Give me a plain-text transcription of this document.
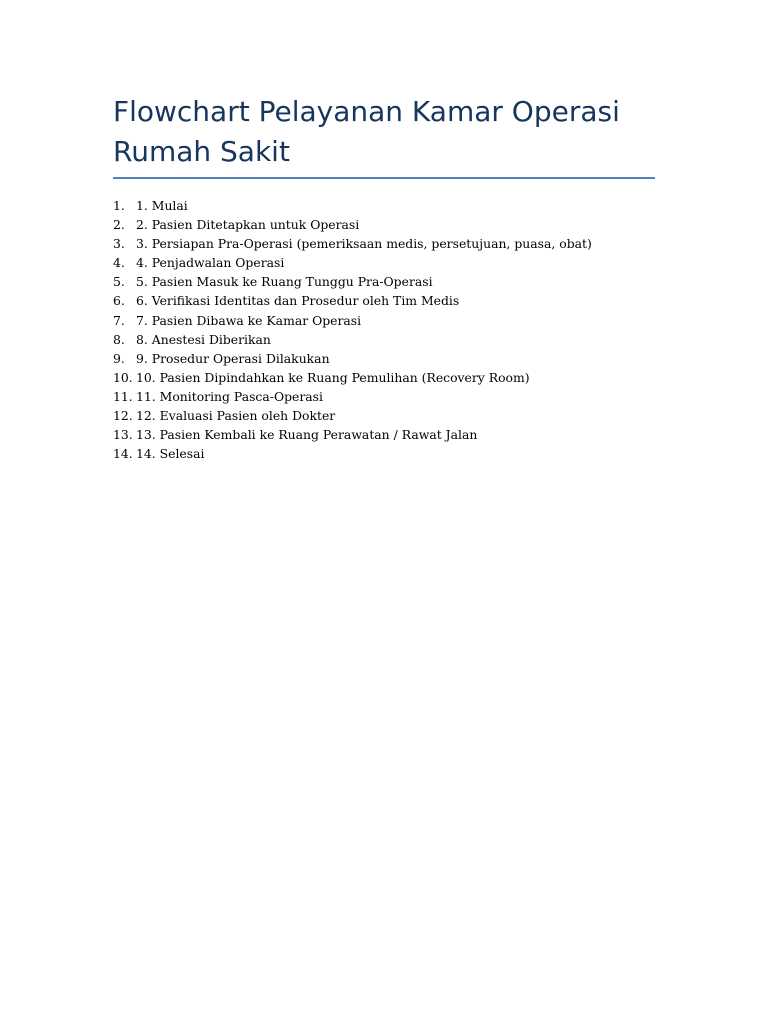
Flowchart Pelayanan Kamar Operasi Rumah Sakit
1. 1. Mulai
2. 2. Pasien Ditetapkan untuk Operasi
3. 3. Persiapan Pra-Operasi (pemeriksaan medis, persetujuan, puasa, obat)
4. 4. Penjadwalan Operasi
5. 5. Pasien Masuk ke Ruang Tunggu Pra-Operasi
6. 6. Verifikasi Identitas dan Prosedur oleh Tim Medis
7. 7. Pasien Dibawa ke Kamar Operasi
8. 8. Anestesi Diberikan
9. 9. Prosedur Operasi Dilakukan
10. 10. Pasien Dipindahkan ke Ruang Pemulihan (Recovery Room)
11. 11. Monitoring Pasca-Operasi
12. 12. Evaluasi Pasien oleh Dokter
13. 13. Pasien Kembali ke Ruang Perawatan / Rawat Jalan
14. 14. Selesai
